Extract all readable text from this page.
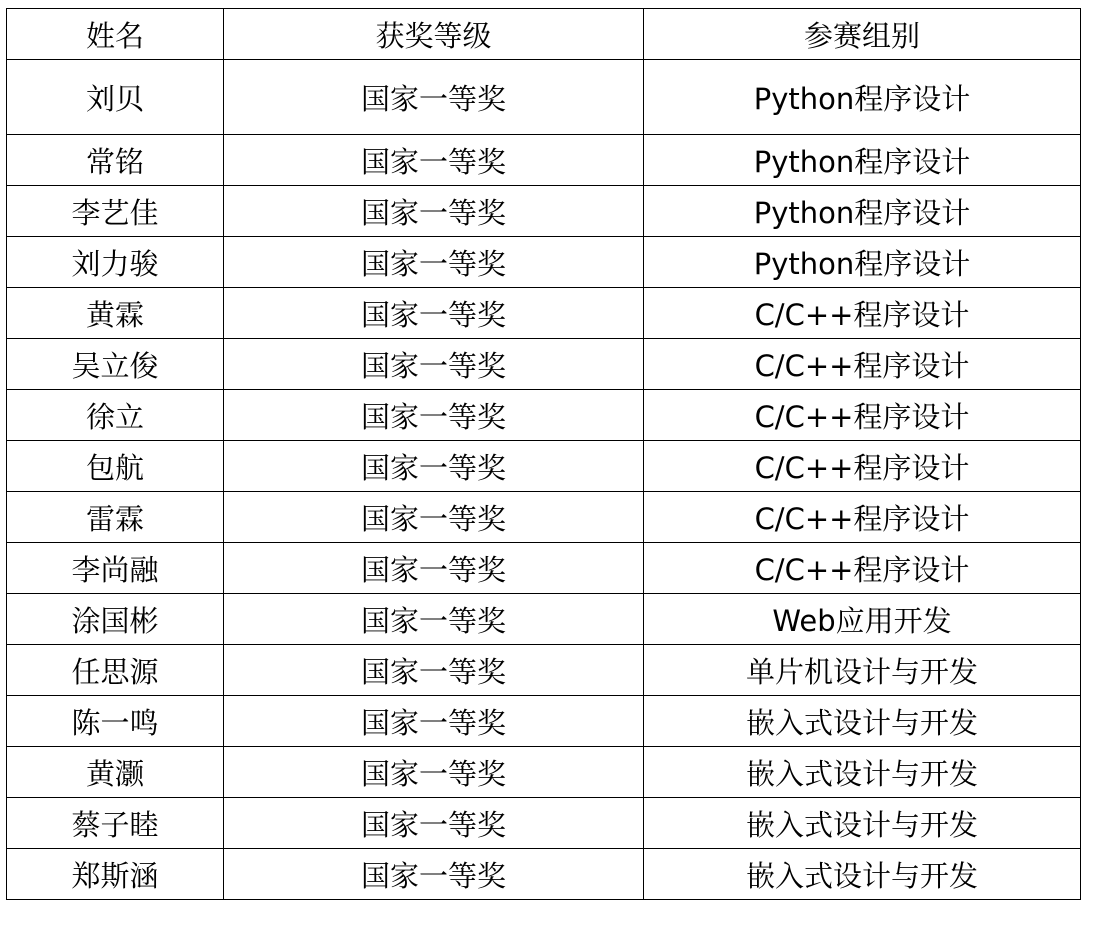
姓名	获奖等级	参赛组别
刘贝	国家一等奖	Python程序设计
常铭	国家一等奖	Python程序设计
李艺佳	国家一等奖	Python程序设计
刘力骏	国家一等奖	Python程序设计
黄霖	国家一等奖	C/C++程序设计
吴立俊	国家一等奖	C/C++程序设计
徐立	国家一等奖	C/C++程序设计
包航	国家一等奖	C/C++程序设计
雷霖	国家一等奖	C/C++程序设计
李尚融	国家一等奖	C/C++程序设计
涂国彬	国家一等奖	Web应用开发
任思源	国家一等奖	单片机设计与开发
陈一鸣	国家一等奖	嵌入式设计与开发
黄灏	国家一等奖	嵌入式设计与开发
蔡子睦	国家一等奖	嵌入式设计与开发
郑斯涵	国家一等奖	嵌入式设计与开发
